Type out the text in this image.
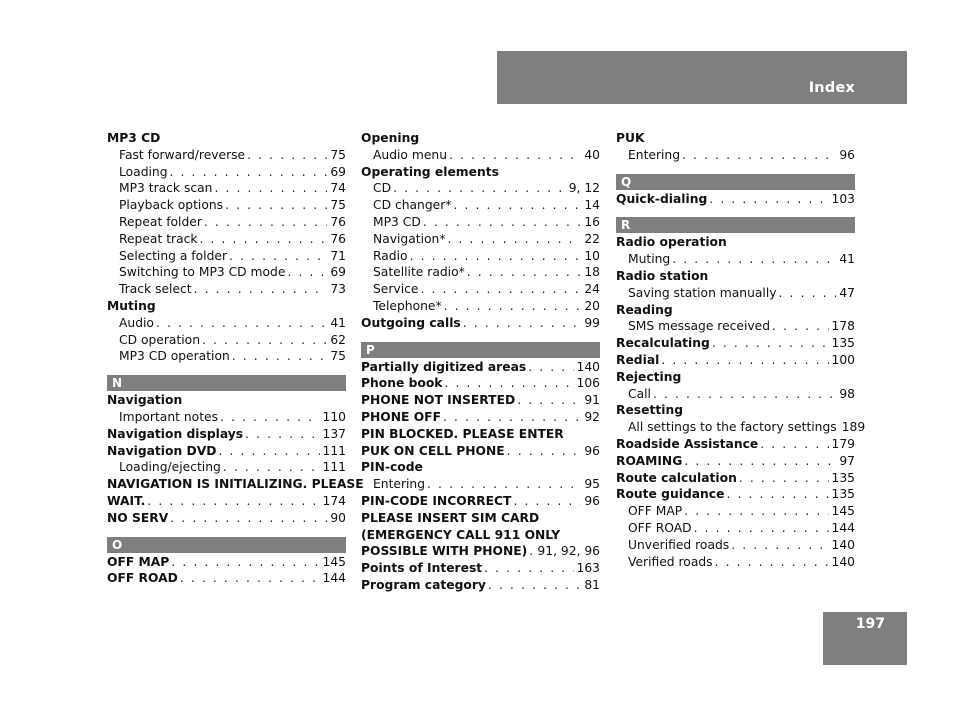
Index
MP3 CD
Fast forward/reverse . . .	75
Loading . . .	69
MP3 track scan . . .	74
Playback options . . .	75
Repeat folder . . .	76
Repeat track . . .	76
Selecting a folder . . .	71
Switching to MP3 CD mode . . .	69
Track select . . .	73
Muting
Audio . . .	41
CD operation . . .	62
MP3 CD operation . . .	75
N
Navigation
Important notes . . .	110
Navigation displays . . .	137
Navigation DVD . . .	111
Loading/ejecting . . .	111
NAVIGATION IS INITIALIZING. PLEASE
WAIT. . . .	174
NO SERV . . .	90
O
OFF MAP . . .	145
OFF ROAD . . .	144
Opening
Audio menu . . .	40
Operating elements
CD . . .	9, 12
CD changer* . . .	14
MP3 CD . . .	16
Navigation* . . .	22
Radio . . .	10
Satellite radio* . . .	18
Service . . .	24
Telephone* . . .	20
Outgoing calls . . .	99
P
Partially digitized areas . . .	140
Phone book . . .	106
PHONE NOT INSERTED . . .	91
PHONE OFF . . .	92
PIN BLOCKED. PLEASE ENTER
PUK ON CELL PHONE . . .	96
PIN-code
Entering . . .	95
PIN-CODE INCORRECT . . .	96
PLEASE INSERT SIM CARD
(EMERGENCY CALL 911 ONLY
POSSIBLE WITH PHONE) . . . 91, 92, 96
Points of Interest . . .	163
Program category . . .	81
PUK
Entering . . .	96
Q
Quick-dialing . . .	103
R
Radio operation
Muting . . .	41
Radio station
Saving station manually . . .	47
Reading
SMS message received . . .	178
Recalculating . . .	135
Redial . . .	100
Rejecting
Call . . .	98
Resetting
All settings to the factory settings 189
Roadside Assistance . . .	179
ROAMING . . .	97
Route calculation . . .	135
Route guidance . . .	135
OFF MAP . . .	145
OFF ROAD . . .	144
Unverified roads . . .	140
Verified roads . . .	140
197
